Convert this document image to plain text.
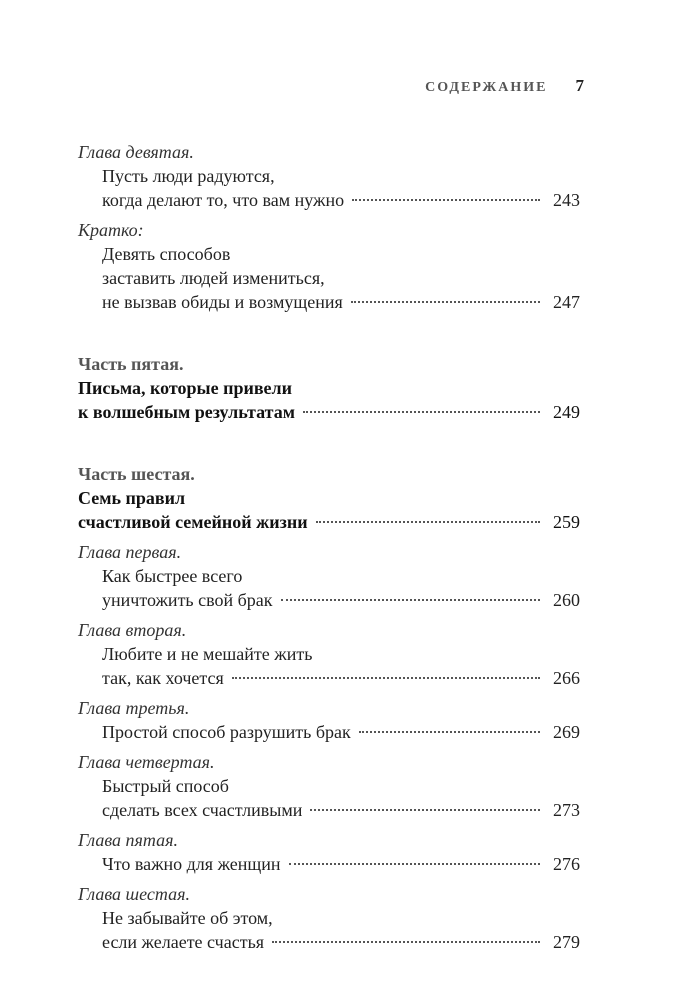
СОДЕРЖАНИЕ 7
Глава девятая.
Пусть люди радуются,
когда делают то, что вам нужно	243
Кратко:
Девять способов
заставить людей измениться,
не вызвав обиды и возмущения	247
Часть пятая.
Письма, которые привели
к волшебным результатам	249
Часть шестая.
Семь правил
счастливой семейной жизни	259
Глава первая.
Как быстрее всего
уничтожить свой брак	260
Глава вторая.
Любите и не мешайте жить
так, как хочется	266
Глава третья.
Простой способ разрушить брак	269
Глава четвертая.
Быстрый способ
сделать всех счастливыми	273
Глава пятая.
Что важно для женщин	276
Глава шестая.
Не забывайте об этом,
если желаете счастья	279
